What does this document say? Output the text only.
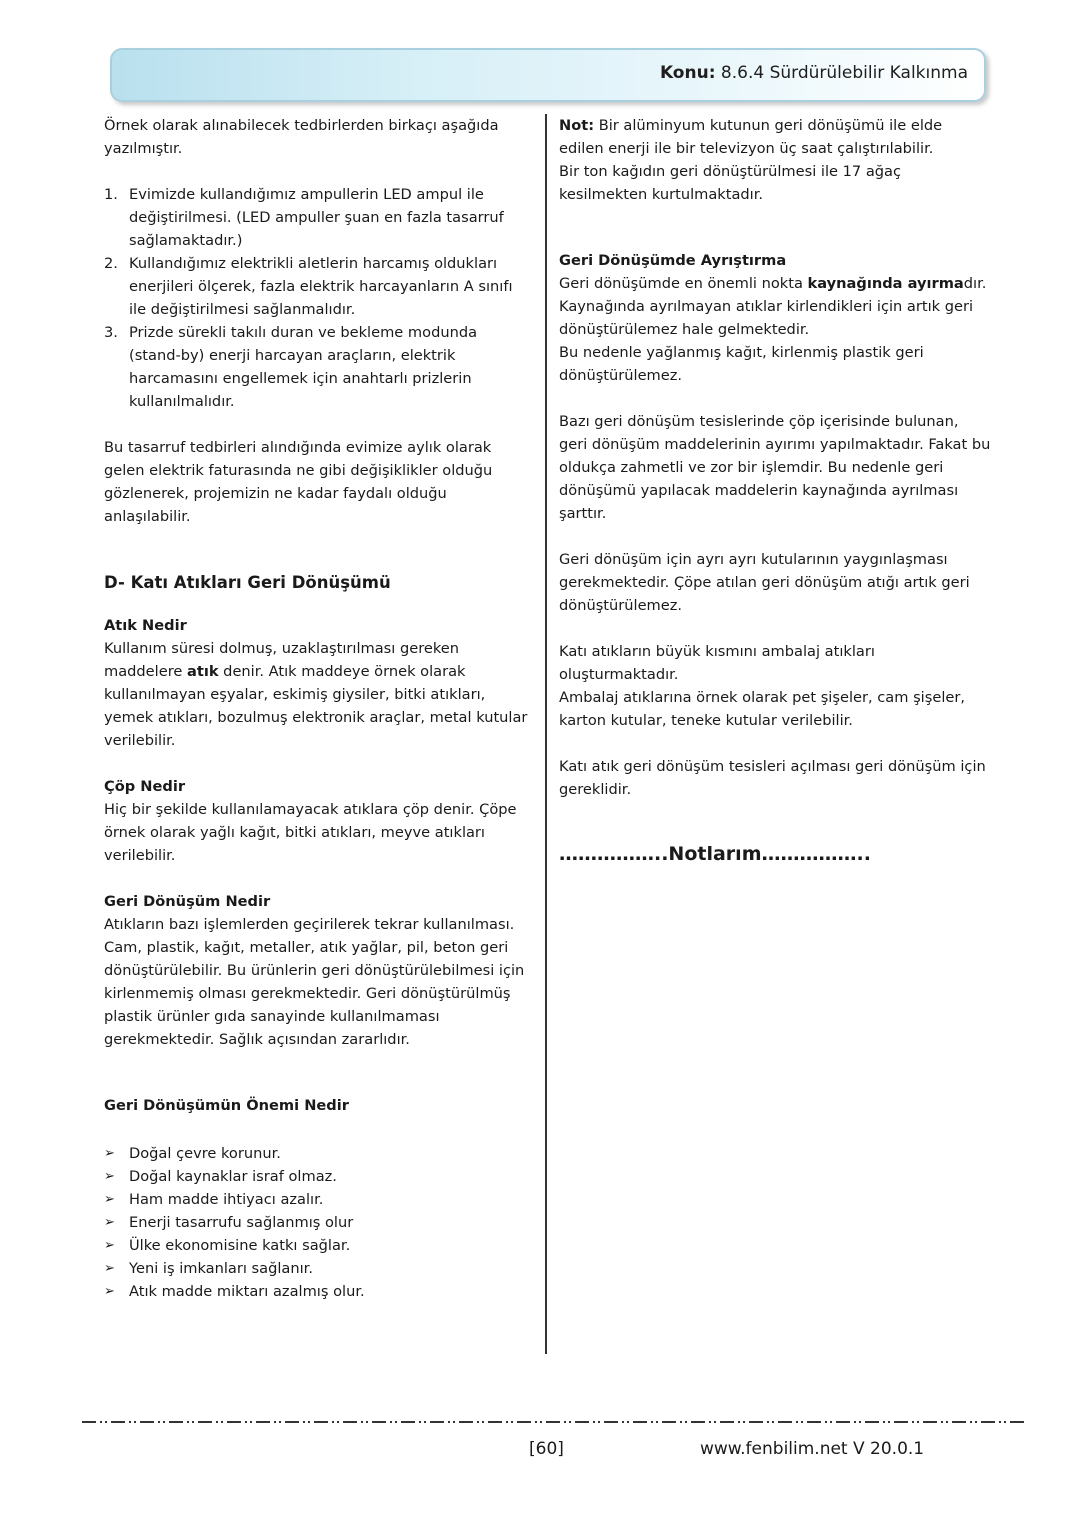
Konu: 8.6.4 Sürdürülebilir Kalkınma

Örnek olarak alınabilecek tedbirlerden birkaçı aşağıda yazılmıştır.

1. Evimizde kullandığımız ampullerin LED ampul ile değiştirilmesi. (LED ampuller şuan en fazla tasarruf sağlamaktadır.)
2. Kullandığımız elektrikli aletlerin harcamış oldukları enerjileri ölçerek, fazla elektrik harcayanların A sınıfı ile değiştirilmesi sağlanmalıdır.
3. Prizde sürekli takılı duran ve bekleme modunda (stand-by) enerji harcayan araçların, elektrik harcamasını engellemek için anahtarlı prizlerin kullanılmalıdır.

Bu tasarruf tedbirleri alındığında evimize aylık olarak gelen elektrik faturasında ne gibi değişiklikler olduğu gözlenerek, projemizin ne kadar faydalı olduğu anlaşılabilir.

D- Katı Atıkları Geri Dönüşümü

Atık Nedir

Kullanım süresi dolmuş, uzaklaştırılması gereken maddelere atık denir. Atık maddeye örnek olarak kullanılmayan eşyalar, eskimiş giysiler, bitki atıkları, yemek atıkları, bozulmuş elektronik araçlar, metal kutular verilebilir.

Çöp Nedir

Hiç bir şekilde kullanılamayacak atıklara çöp denir. Çöpe örnek olarak yağlı kağıt, bitki atıkları, meyve atıkları verilebilir.

Geri Dönüşüm Nedir

Atıkların bazı işlemlerden geçirilerek tekrar kullanılması. Cam, plastik, kağıt, metaller, atık yağlar, pil, beton geri dönüştürülebilir. Bu ürünlerin geri dönüştürülebilmesi için kirlenmemiş olması gerekmektedir. Geri dönüştürülmüş plastik ürünler gıda sanayinde kullanılmaması gerekmektedir. Sağlık açısından zararlıdır.

Geri Dönüşümün Önemi Nedir

➢ Doğal çevre korunur.
➢ Doğal kaynaklar israf olmaz.
➢ Ham madde ihtiyacı azalır.
➢ Enerji tasarrufu sağlanmış olur
➢ Ülke ekonomisine katkı sağlar.
➢ Yeni iş imkanları sağlanır.
➢ Atık madde miktarı azalmış olur.

Not: Bir alüminyum kutunun geri dönüşümü ile elde edilen enerji ile bir televizyon üç saat çalıştırılabilir.

Bir ton kağıdın geri dönüştürülmesi ile 17 ağaç kesilmekten kurtulmaktadır.

Geri Dönüşümde Ayrıştırma

Geri dönüşümde en önemli nokta kaynağında ayırmadır.

Kaynağında ayrılmayan atıklar kirlendikleri için artık geri dönüştürülemez hale gelmektedir.

Bu nedenle yağlanmış kağıt, kirlenmiş plastik geri dönüştürülemez.

Bazı geri dönüşüm tesislerinde çöp içerisinde bulunan, geri dönüşüm maddelerinin ayırımı yapılmaktadır. Fakat bu oldukça zahmetli ve zor bir işlemdir. Bu nedenle geri dönüşümü yapılacak maddelerin kaynağında ayrılması şarttır.

Geri dönüşüm için ayrı ayrı kutularının yaygınlaşması gerekmektedir. Çöpe atılan geri dönüşüm atığı artık geri dönüştürülemez.

Katı atıkların büyük kısmını ambalaj atıkları oluşturmaktadır.

Ambalaj atıklarına örnek olarak pet şişeler, cam şişeler, karton kutular, teneke kutular verilebilir.

Katı atık geri dönüşüm tesisleri açılması geri dönüşüm için gereklidir.

……………..Notlarım……………..

[60]	www.fenbilim.net V 20.0.1
